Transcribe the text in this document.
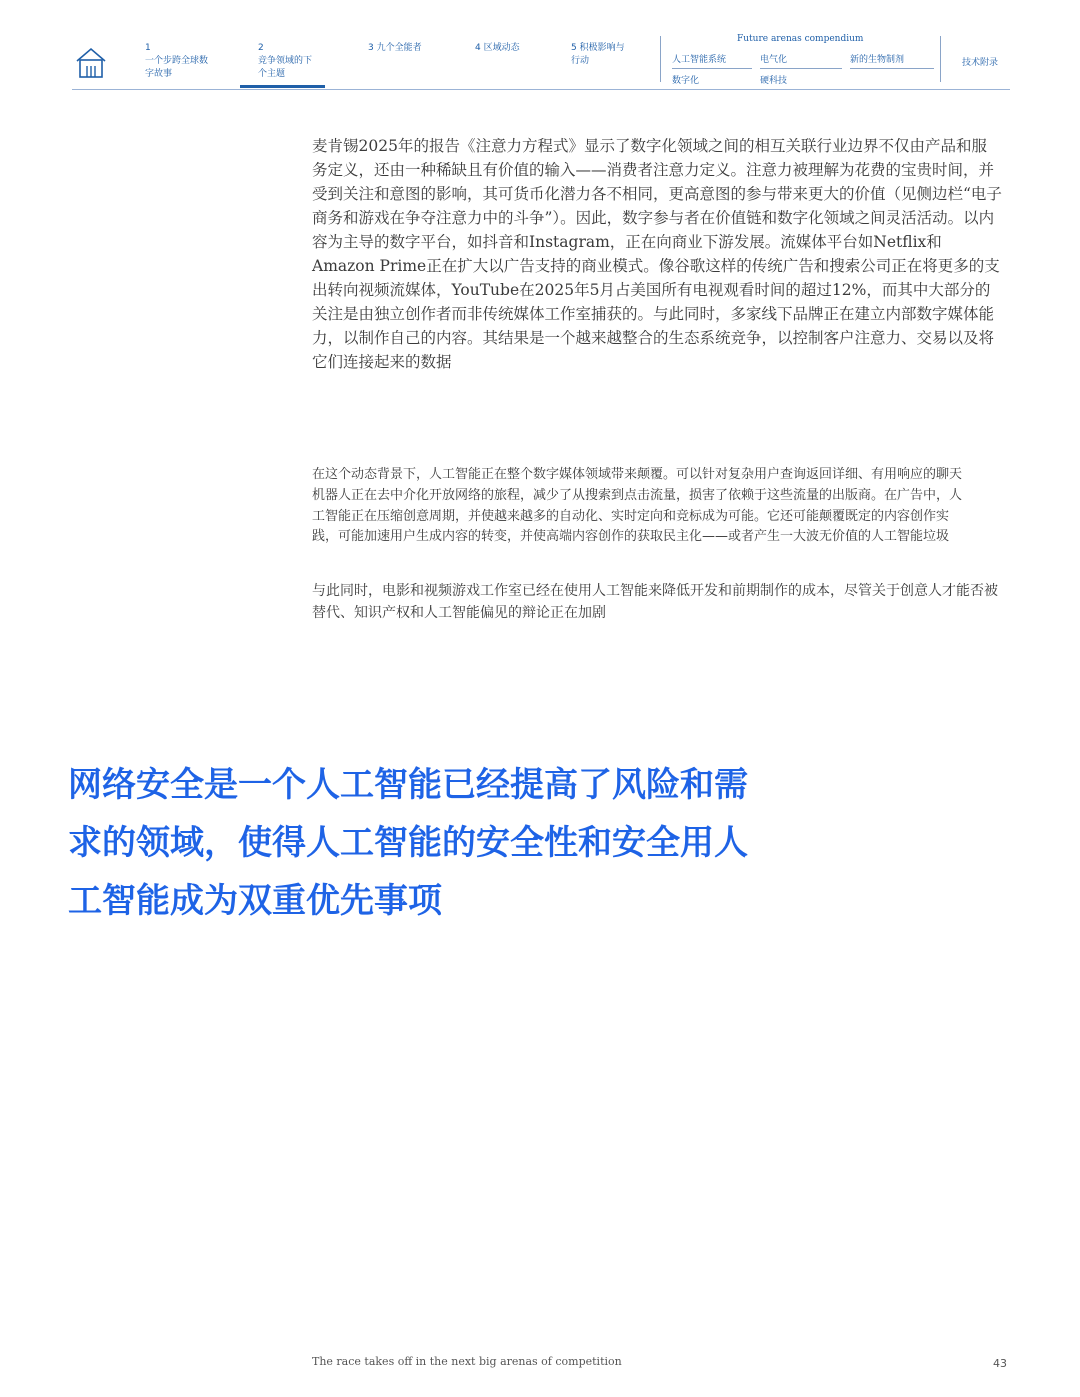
1
一个步跨全球数字故事
2
竞争领域的下个主题
3 九个全能者	4 区域动态	5 积极影响与行动
Future arenas compendium
人工智能系统	电气化	新的生物制剂
数字化	硬科技
技术附录
麦肯锡2025年的报告《注意力方程式》显示了数字化领域之间的相互关联行业边界不仅由产品和服务定义，还由一种稀缺且有价值的输入——消费者注意力定义。注意力被理解为花费的宝贵时间，并受到关注和意图的影响，其可货币化潜力各不相同，更高意图的参与带来更大的价值（见侧边栏“电子商务和游戏在争夺注意力中的斗争”）。因此，数字参与者在价值链和数字化领域之间灵活活动。以内容为主导的数字平台，如抖音和Instagram，正在向商业下游发展。流媒体平台如Netflix和Amazon Prime正在扩大以广告支持的商业模式。像谷歌这样的传统广告和搜索公司正在将更多的支出转向视频流媒体，YouTube在2025年5月占美国所有电视观看时间的超过12%，而其中大部分的关注是由独立创作者而非传统媒体工作室捕获的。与此同时，多家线下品牌正在建立内部数字媒体能力，以制作自己的内容。其结果是一个越来越整合的生态系统竞争，以控制客户注意力、交易以及将它们连接起来的数据
在这个动态背景下，人工智能正在整个数字媒体领域带来颠覆。可以针对复杂用户查询返回详细、有用响应的聊天机器人正在去中介化开放网络的旅程，减少了从搜索到点击流量，损害了依赖于这些流量的出版商。在广告中，人工智能正在压缩创意周期，并使越来越多的自动化、实时定向和竞标成为可能。它还可能颠覆既定的内容创作实践，可能加速用户生成内容的转变，并使高端内容创作的获取民主化——或者产生一大波无价值的人工智能垃圾
与此同时，电影和视频游戏工作室已经在使用人工智能来降低开发和前期制作的成本，尽管关于创意人才能否被替代、知识产权和人工智能偏见的辩论正在加剧
网络安全是一个人工智能已经提高了风险和需求的领域，使得人工智能的安全性和安全用人工智能成为双重优先事项
The race takes off in the next big arenas of competition	43
